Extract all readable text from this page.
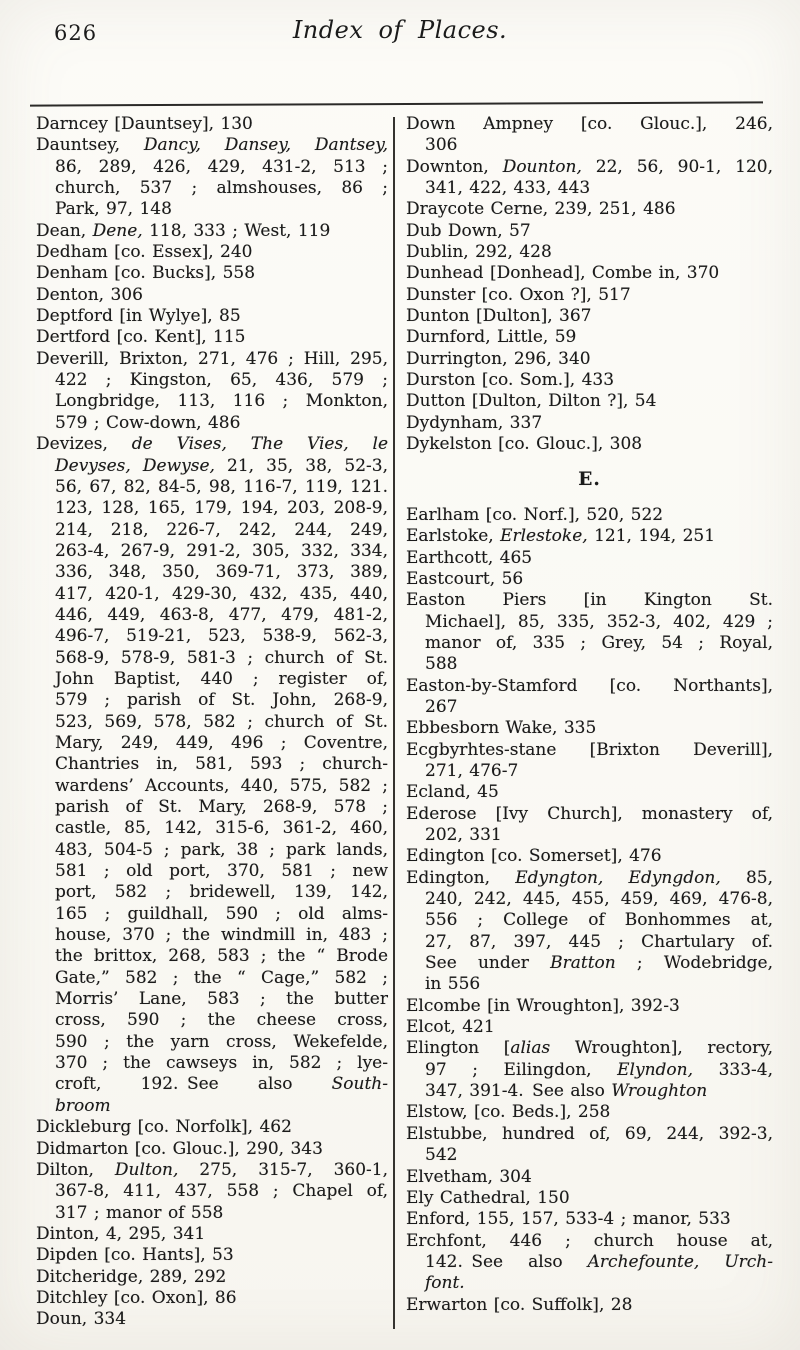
626	Index of Places.
Darncey [Dauntsey], 130
Dauntsey, Dancy, Dansey, Dantsey,
86, 289, 426, 429, 431-2, 513 ;
church, 537 ; almshouses, 86 ;
Park, 97, 148
Dean, Dene, 118, 333 ; West, 119
Dedham [co. Essex], 240
Denham [co. Bucks], 558
Denton, 306
Deptford [in Wylye], 85
Dertford [co. Kent], 115
Deverill, Brixton, 271, 476 ; Hill, 295,
422 ; Kingston, 65, 436, 579 ;
Longbridge, 113, 116 ; Monkton,
579 ; Cow-down, 486
Devizes, de Vises, The Vies, le
Devyses, Dewyse, 21, 35, 38, 52-3,
56, 67, 82, 84-5, 98, 116-7, 119, 121.
123, 128, 165, 179, 194, 203, 208-9,
214, 218, 226-7, 242, 244, 249,
263-4, 267-9, 291-2, 305, 332, 334,
336, 348, 350, 369-71, 373, 389,
417, 420-1, 429-30, 432, 435, 440,
446, 449, 463-8, 477, 479, 481-2,
496-7, 519-21, 523, 538-9, 562-3,
568-9, 578-9, 581-3 ; church of St.
John Baptist, 440 ; register of,
579 ; parish of St. John, 268-9,
523, 569, 578, 582 ; church of St.
Mary, 249, 449, 496 ; Coventre,
Chantries in, 581, 593 ; church-
wardens’ Accounts, 440, 575, 582 ;
parish of St. Mary, 268-9, 578 ;
castle, 85, 142, 315-6, 361-2, 460,
483, 504-5 ; park, 38 ; park lands,
581 ; old port, 370, 581 ; new
port, 582 ; bridewell, 139, 142,
165 ; guildhall, 590 ; old alms-
house, 370 ; the windmill in, 483 ;
the brittox, 268, 583 ; the “ Brode
Gate,” 582 ; the “ Cage,” 582 ;
Morris’ Lane, 583 ; the butter
cross, 590 ; the cheese cross,
590 ; the yarn cross, Wekefelde,
370 ; the cawseys in, 582 ; lye-
croft, 192. See also South-
broom
Dickleburg [co. Norfolk], 462
Didmarton [co. Glouc.], 290, 343
Dilton, Dulton, 275, 315-7, 360-1,
367-8, 411, 437, 558 ; Chapel of,
317 ; manor of 558
Dinton, 4, 295, 341
Dipden [co. Hants], 53
Ditcheridge, 289, 292
Ditchley [co. Oxon], 86
Doun, 334
Down Ampney [co. Glouc.], 246,
306
Downton, Dounton, 22, 56, 90-1, 120,
341, 422, 433, 443
Draycote Cerne, 239, 251, 486
Dub Down, 57
Dublin, 292, 428
Dunhead [Donhead], Combe in, 370
Dunster [co. Oxon ?], 517
Dunton [Dulton], 367
Durnford, Little, 59
Durrington, 296, 340
Durston [co. Som.], 433
Dutton [Dulton, Dilton ?], 54
Dydynham, 337
Dykelston [co. Glouc.], 308
E.
Earlham [co. Norf.], 520, 522
Earlstoke, Erlestoke, 121, 194, 251
Earthcott, 465
Eastcourt, 56
Easton Piers [in Kington St.
Michael], 85, 335, 352-3, 402, 429 ;
manor of, 335 ; Grey, 54 ; Royal,
588
Easton-by-Stamford [co. Northants],
267
Ebbesborn Wake, 335
Ecgbyrhtes-stane [Brixton Deverill],
271, 476-7
Ecland, 45
Ederose [Ivy Church], monastery of,
202, 331
Edington [co. Somerset], 476
Edington, Edyngton, Edyngdon, 85,
240, 242, 445, 455, 459, 469, 476-8,
556 ; College of Bonhommes at,
27, 87, 397, 445 ; Chartulary of.
See under Bratton ; Wodebridge,
in 556
Elcombe [in Wroughton], 392-3
Elcot, 421
Elington [alias Wroughton], rectory,
97 ; Eilingdon, Elyndon, 333-4,
347, 391-4. See also Wroughton
Elstow, [co. Beds.], 258
Elstubbe, hundred of, 69, 244, 392-3,
542
Elvetham, 304
Ely Cathedral, 150
Enford, 155, 157, 533-4 ; manor, 533
Erchfont, 446 ; church house at,
142. See also Archefounte, Urch-
font.
Erwarton [co. Suffolk], 28
